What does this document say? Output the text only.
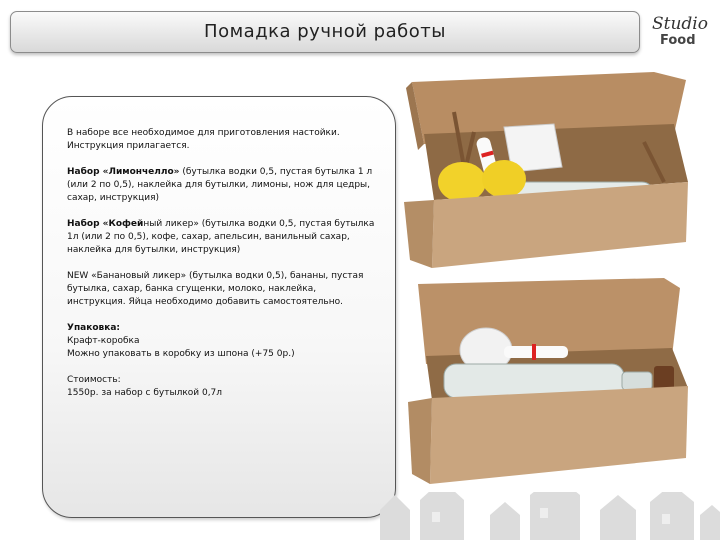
Помадка ручной работы	Studio
Food

В наборе все необходимое для приготовления настойки. Инструкция прилагается.

Набор «Лимончелло» (бутылка водки 0,5, пустая бутылка 1 л (или 2 по 0,5), наклейка для бутылки, лимоны, нож для цедры, сахар, инструкция)

Набор «Кофейный ликер» (бутылка водки 0,5, пустая бутылка 1л (или 2 по 0,5), кофе, сахар, апельсин, ванильный сахар, наклейка для бутылки, инструкция)

NEW «Банановый ликер» (бутылка водки 0,5), бананы, пустая бутылка, сахар, банка сгущенки, молоко, наклейка, инструкция. Яйца необходимо добавить самостоятельно.

Упаковка:
Крафт-коробка
Можно упаковать в коробку из шпона (+75 0р.)

Стоимость:
1550р. за набор с бутылкой 0,7л
